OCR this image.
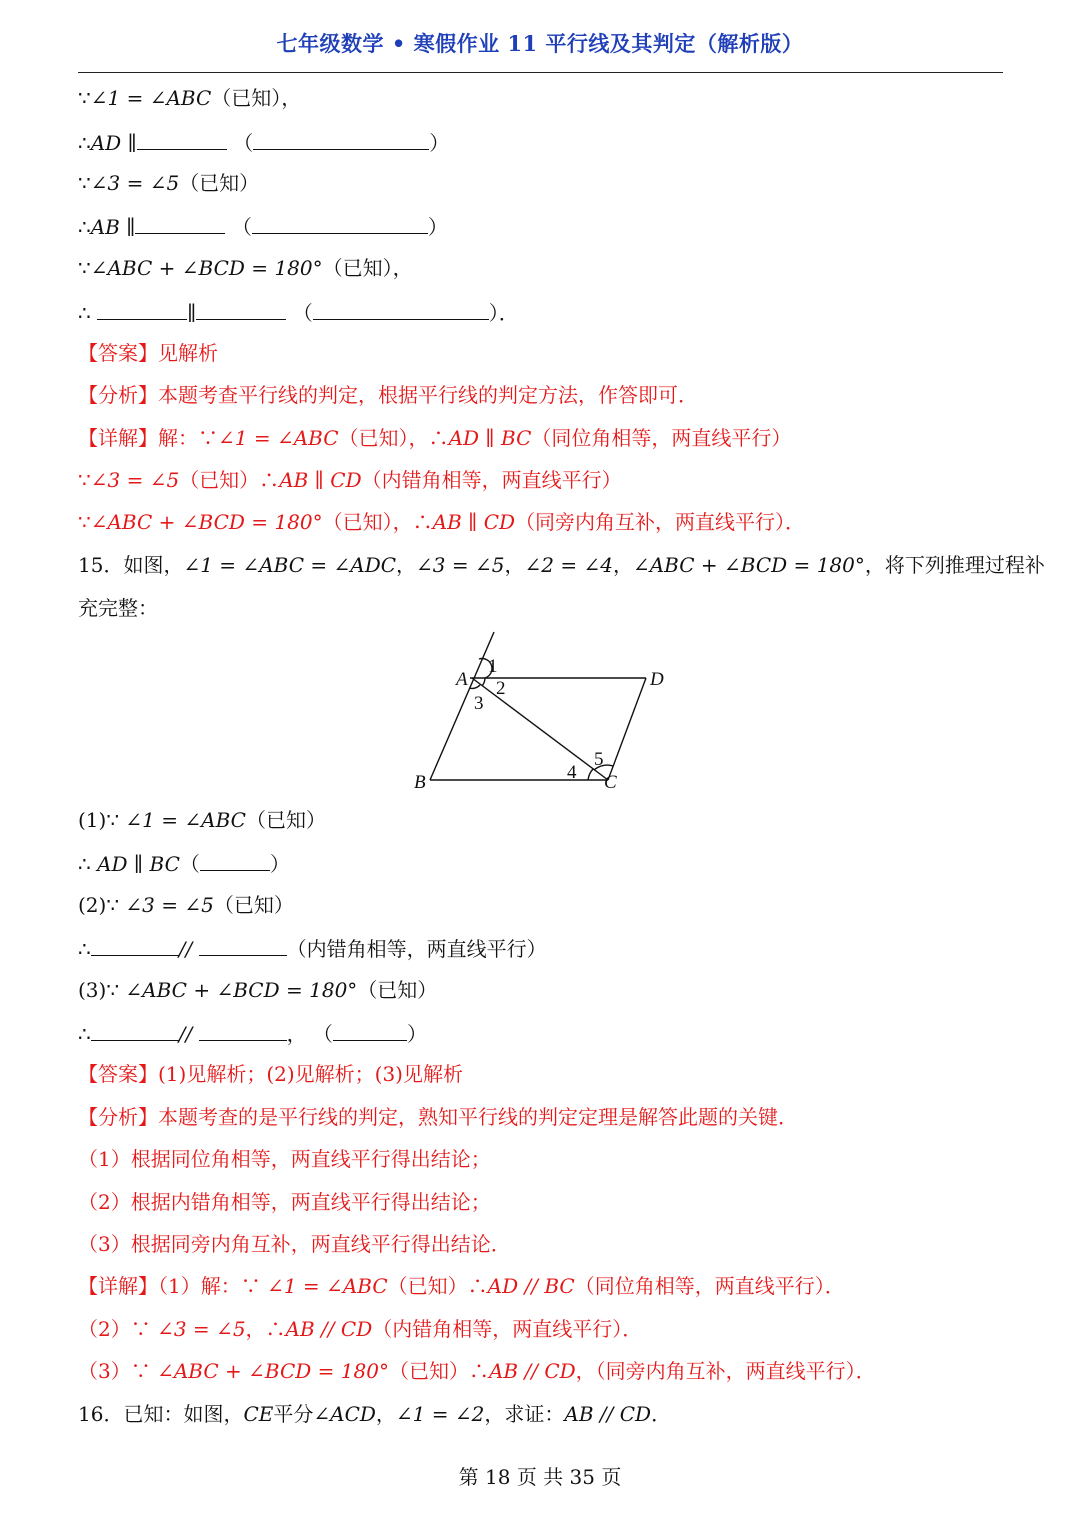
七年级数学 • 寒假作业 11 平行线及其判定（解析版）
∵∠1 = ∠ABC（已知），
∴AD ∥	（	）
∵∠3 = ∠5（已知）
∴AB ∥	（	）
∵∠ABC + ∠BCD = 180°（已知），
∴	∥	（	）．
【答案】见解析
【分析】本题考查平行线的判定，根据平行线的判定方法，作答即可．
【详解】解：∵∠1 = ∠ABC（已知），∴AD ∥ BC（同位角相等，两直线平行）
∵∠3 = ∠5（已知）∴AB ∥ CD（内错角相等，两直线平行）
∵∠ABC + ∠BCD = 180°（已知），∴AB ∥ CD（同旁内角互补，两直线平行）．
15．如图，∠1 = ∠ABC = ∠ADC，∠3 = ∠5，∠2 = ∠4，∠ABC + ∠BCD = 180°，将下列推理过程补
充完整：
A
B	C
D
1
2
3
4
5
(1)∵ ∠1 = ∠ABC（已知）
∴ AD ∥ BC（	）
(2)∵ ∠3 = ∠5（已知）
∴	//	（内错角相等，两直线平行）
(3)∵ ∠ABC + ∠BCD = 180°（已知）
∴	//	， （	）
【答案】(1)见解析；(2)见解析；(3)见解析
【分析】本题考查的是平行线的判定，熟知平行线的判定定理是解答此题的关键．
（1）根据同位角相等，两直线平行得出结论；
（2）根据内错角相等，两直线平行得出结论；
（3）根据同旁内角互补，两直线平行得出结论．
【详解】（1）解：∵ ∠1 = ∠ABC（已知）∴AD // BC（同位角相等，两直线平行）．
（2）∵ ∠3 = ∠5，∴AB // CD（内错角相等，两直线平行）．
（3）∵ ∠ABC + ∠BCD = 180°（已知）∴AB // CD，（同旁内角互补，两直线平行）．
16．已知：如图，CE平分∠ACD，∠1 = ∠2，求证：AB // CD．
第 18 页 共 35 页
